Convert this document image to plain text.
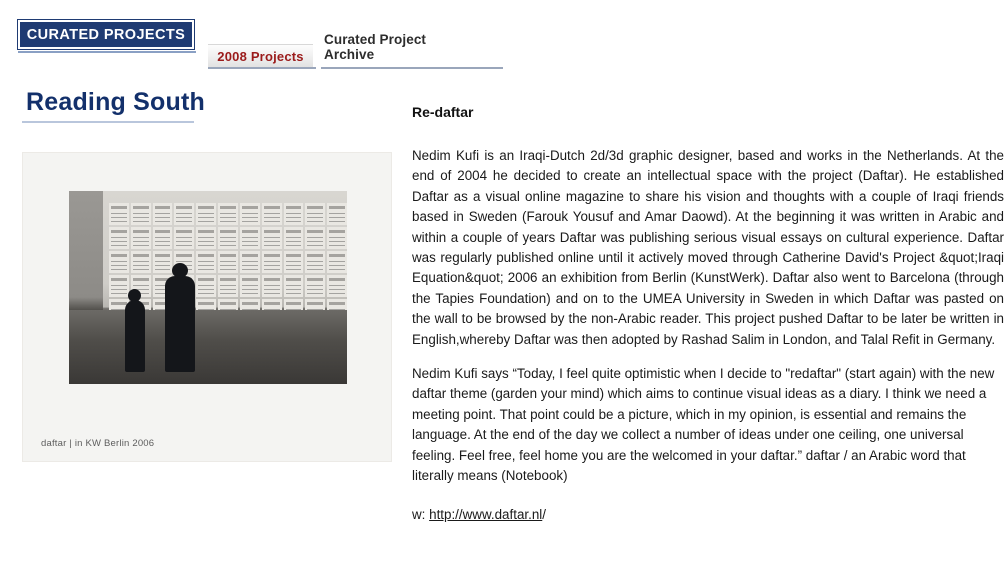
CURATED PROJECTS
2008 Projects
Curated Project Archive
Reading South
daftar | in KW Berlin 2006
Re-daftar

Nedim Kufi is an Iraqi-Dutch 2d/3d graphic designer, based and works in the Netherlands. At the end of 2004 he decided to create an intellectual space with the project (Daftar). He established Daftar as a visual online magazine to share his vision and thoughts with a couple of Iraqi friends based in Sweden (Farouk Yousuf and Amar Daowd). At the beginning it was written in Arabic and within a couple of years Daftar was publishing serious visual essays on cultural experience. Daftar was regularly published online until it actively moved through Catherine David's Project &quot;Iraqi Equation&quot; 2006 an exhibition from Berlin (KunstWerk). Daftar also went to Barcelona (through the Tapies Foundation) and on to the UMEA University in Sweden in which Daftar was pasted on the wall to be browsed by the non-Arabic reader. This project pushed Daftar to be later be written in English,whereby Daftar was then adopted by Rashad Salim in London, and Talal Refit in Germany.

Nedim Kufi says “Today, I feel quite optimistic when I decide to "redaftar" (start again) with the new daftar theme (garden your mind) which aims to continue visual ideas as a diary. I think we need a meeting point. That point could be a picture, which in my opinion, is essential and remains the language. At the end of the day we collect a number of ideas under one ceiling, one universal feeling. Feel free, feel home you are the welcomed in your daftar.” daftar / an Arabic word that literally means (Notebook)

w: http://www.daftar.nl/
